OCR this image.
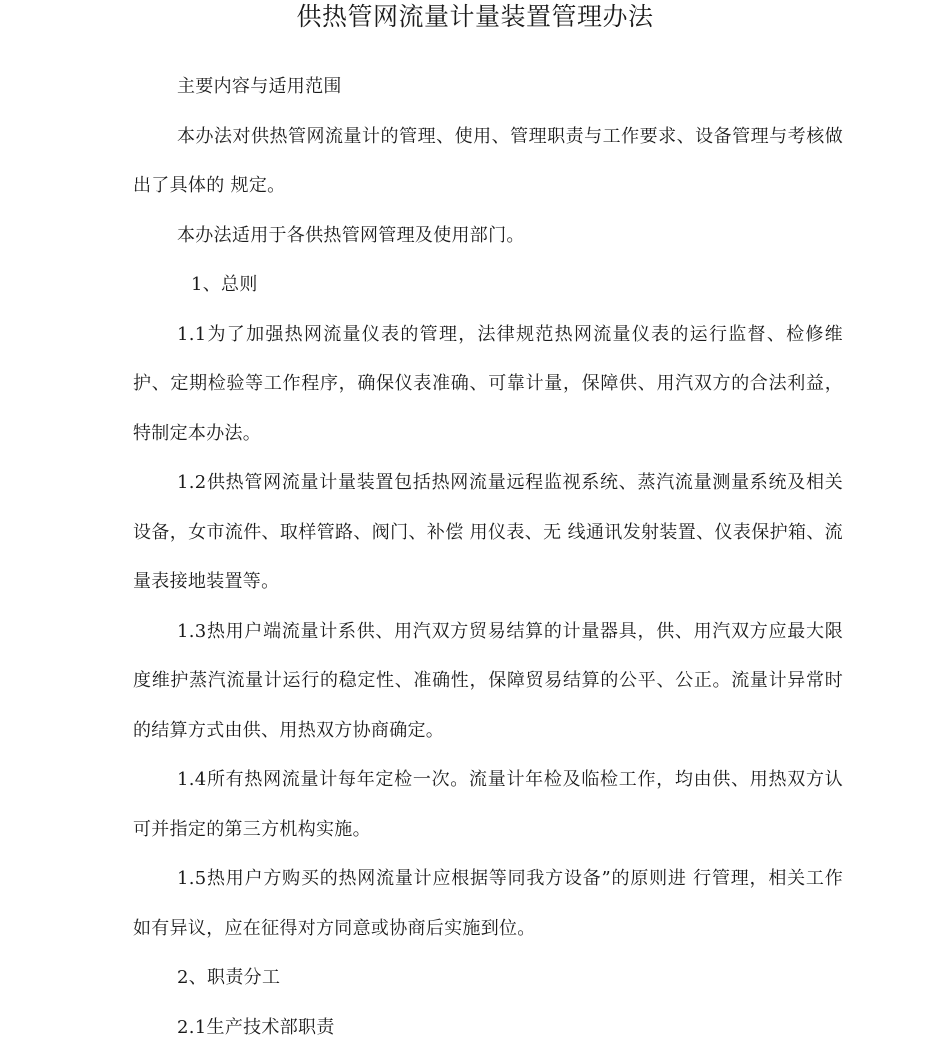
供热管网流量计量装置管理办法

主要内容与适用范围

本办法对供热管网流量计的管理、使用、管理职责与工作要求、设备管理与考核做出了具体的 规定。

本办法适用于各供热管网管理及使用部门。

1、总则

1.1为了加强热网流量仪表的管理，法律规范热网流量仪表的运行监督、检修维护、定期检验等工作程序，确保仪表准确、可靠计量，保障供、用汽双方的合法利益，特制定本办法。

1.2供热管网流量计量装置包括热网流量远程监视系统、蒸汽流量测量系统及相关设备，女市流件、取样管路、阀门、补偿 用仪表、无 线通讯发射装置、仪表保护箱、流量表接地装置等。

1.3热用户端流量计系供、用汽双方贸易结算的计量器具，供、用汽双方应最大限度维护蒸汽流量计运行的稳定性、准确性，保障贸易结算的公平、公正。流量计异常时的结算方式由供、用热双方协商确定。

1.4所有热网流量计每年定检一次。流量计年检及临检工作，均由供、用热双方认可并指定的第三方机构实施。

1.5热用户方购买的热网流量计应根据等同我方设备”的原则进 行管理，相关工作如有异议，应在征得对方同意或协商后实施到位。

2、职责分工

2.1生产技术部职责
